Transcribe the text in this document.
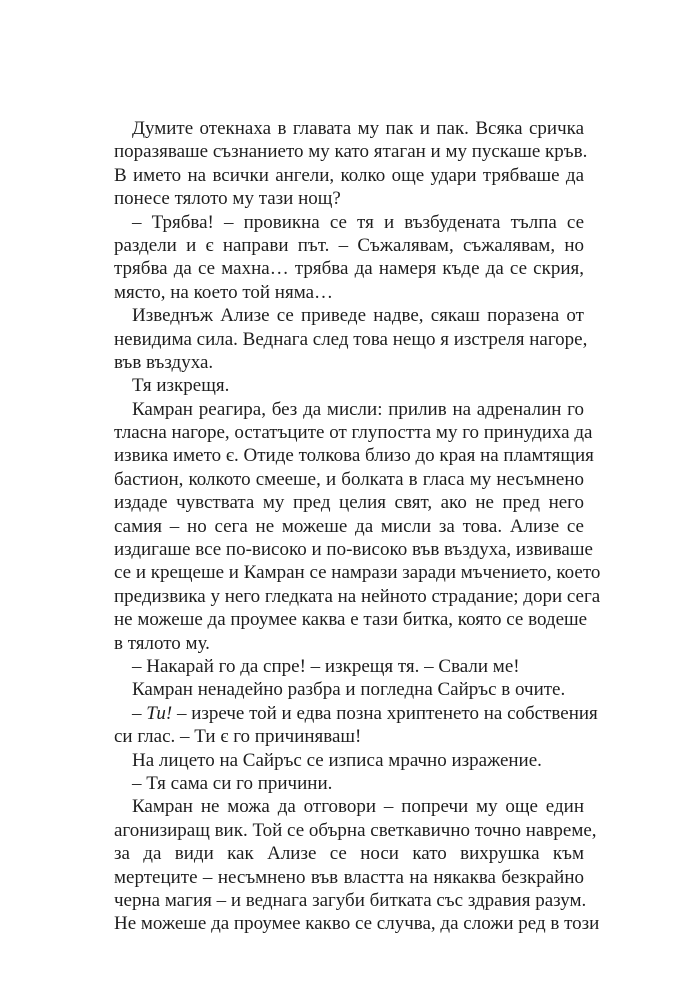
Думите отекнаха в главата му пак и пак. Всяка сричка
поразяваше съзнанието му като ятаган и му пускаше кръв.
В името на всички ангели, колко още удари трябваше да
понесе тялото му тази нощ?
– Трябва! – провикна се тя и възбудената тълпа се
раздели и є направи път. – Съжалявам, съжалявам, но
трябва да се махна… трябва да намеря къде да се скрия,
място, на което той няма…
Изведнъж Ализе се приведе надве, сякаш поразена от
невидима сила. Веднага след това нещо я изстреля нагоре,
във въздуха.
Тя изкрещя.
Камран реагира, без да мисли: прилив на адреналин го
тласна нагоре, остатъците от глупостта му го принудиха да
извика името є. Отиде толкова близо до края на пламтящия
бастион, колкото смееше, и болката в гласа му несъмнено
издаде чувствата му пред целия свят, ако не пред него
самия – но сега не можеше да мисли за това. Ализе се
издигаше все по-високо и по-високо във въздуха, извиваше
се и крещеше и Камран се намрази заради мъчението, което
предизвика у него гледката на нейното страдание; дори сега
не можеше да проумее каква е тази битка, която се водеше
в тялото му.
– Накарай го да спре! – изкрещя тя. – Свали ме!
Камран ненадейно разбра и погледна Сайръс в очите.
– Ти! – изрече той и едва позна хриптенето на собствения
си глас. – Ти є го причиняваш!
На лицето на Сайръс се изписа мрачно изражение.
– Тя сама си го причини.
Камран не можа да отговори – попречи му още един
агонизиращ вик. Той се обърна светкавично точно навреме,
за да види как Ализе се носи като вихрушка към
мертеците – несъмнено във властта на някаква безкрайно
черна магия – и веднага загуби битката със здравия разум.
Не можеше да проумее какво се случва, да сложи ред в този
